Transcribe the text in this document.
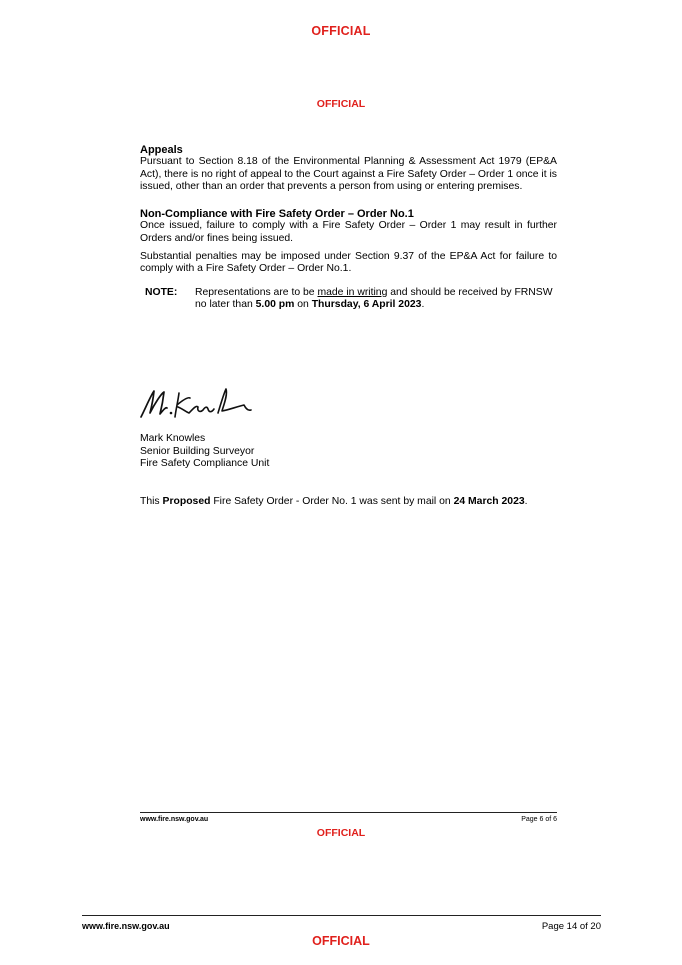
OFFICIAL
OFFICIAL

Appeals

Pursuant to Section 8.18 of the Environmental Planning & Assessment Act 1979 (EP&A Act), there is no right of appeal to the Court against a Fire Safety Order – Order 1 once it is issued, other than an order that prevents a person from using or entering premises.

Non-Compliance with Fire Safety Order – Order No.1

Once issued, failure to comply with a Fire Safety Order – Order 1 may result in further Orders and/or fines being issued.

Substantial penalties may be imposed under Section 9.37 of the EP&A Act for failure to comply with a Fire Safety Order – Order No.1.

NOTE:	Representations are to be made in writing and should be received by FRNSW no later than 5.00 pm on Thursday, 6 April 2023.
Mark Knowles
Senior Building Surveyor
Fire Safety Compliance Unit
This Proposed Fire Safety Order - Order No. 1 was sent by mail on 24 March 2023.
www.fire.nsw.gov.au	Page 6 of 6
OFFICIAL
www.fire.nsw.gov.au	Page 14 of 20
OFFICIAL
